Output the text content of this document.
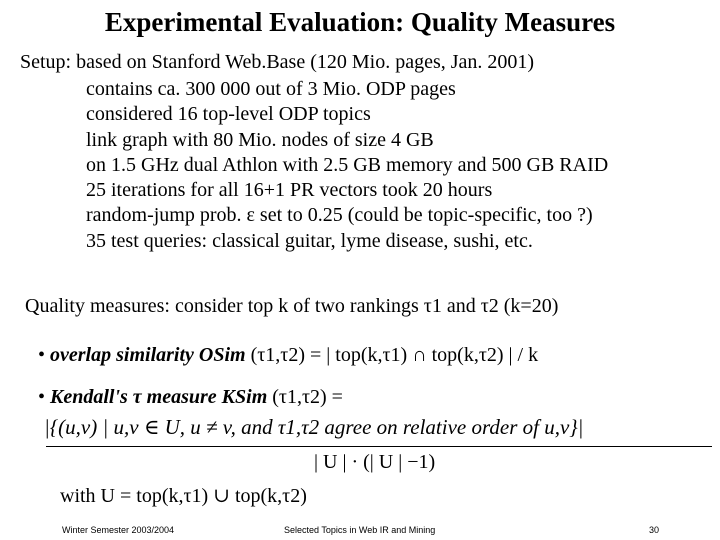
Experimental Evaluation: Quality Measures
Setup: based on Stanford Web.Base (120 Mio. pages, Jan. 2001)
contains ca. 300 000 out of 3 Mio. ODP pages
considered 16 top-level ODP topics
link graph with 80 Mio. nodes of size 4 GB
on 1.5 GHz dual Athlon with 2.5 GB memory and 500 GB RAID
25 iterations for all 16+1 PR vectors took 20 hours
random-jump prob. ε set to 0.25 (could be topic-specific, too ?)
35 test queries: classical guitar, lyme disease, sushi, etc.
Quality measures: consider top k of two rankings τ1 and τ2 (k=20)
• overlap similarity OSim (τ1,τ2) = | top(k,τ1) ∩ top(k,τ2) | / k
• Kendall's τ measure KSim (τ1,τ2) =
|{(u,v) | u,v ∈ U, u ≠ v, and τ1,τ2 agree on relative order of u,v}|
| U | · (| U | −1)
with U = top(k,τ1) ∪ top(k,τ2)
Winter Semester 2003/2004	Selected Topics in Web IR and Mining	30
